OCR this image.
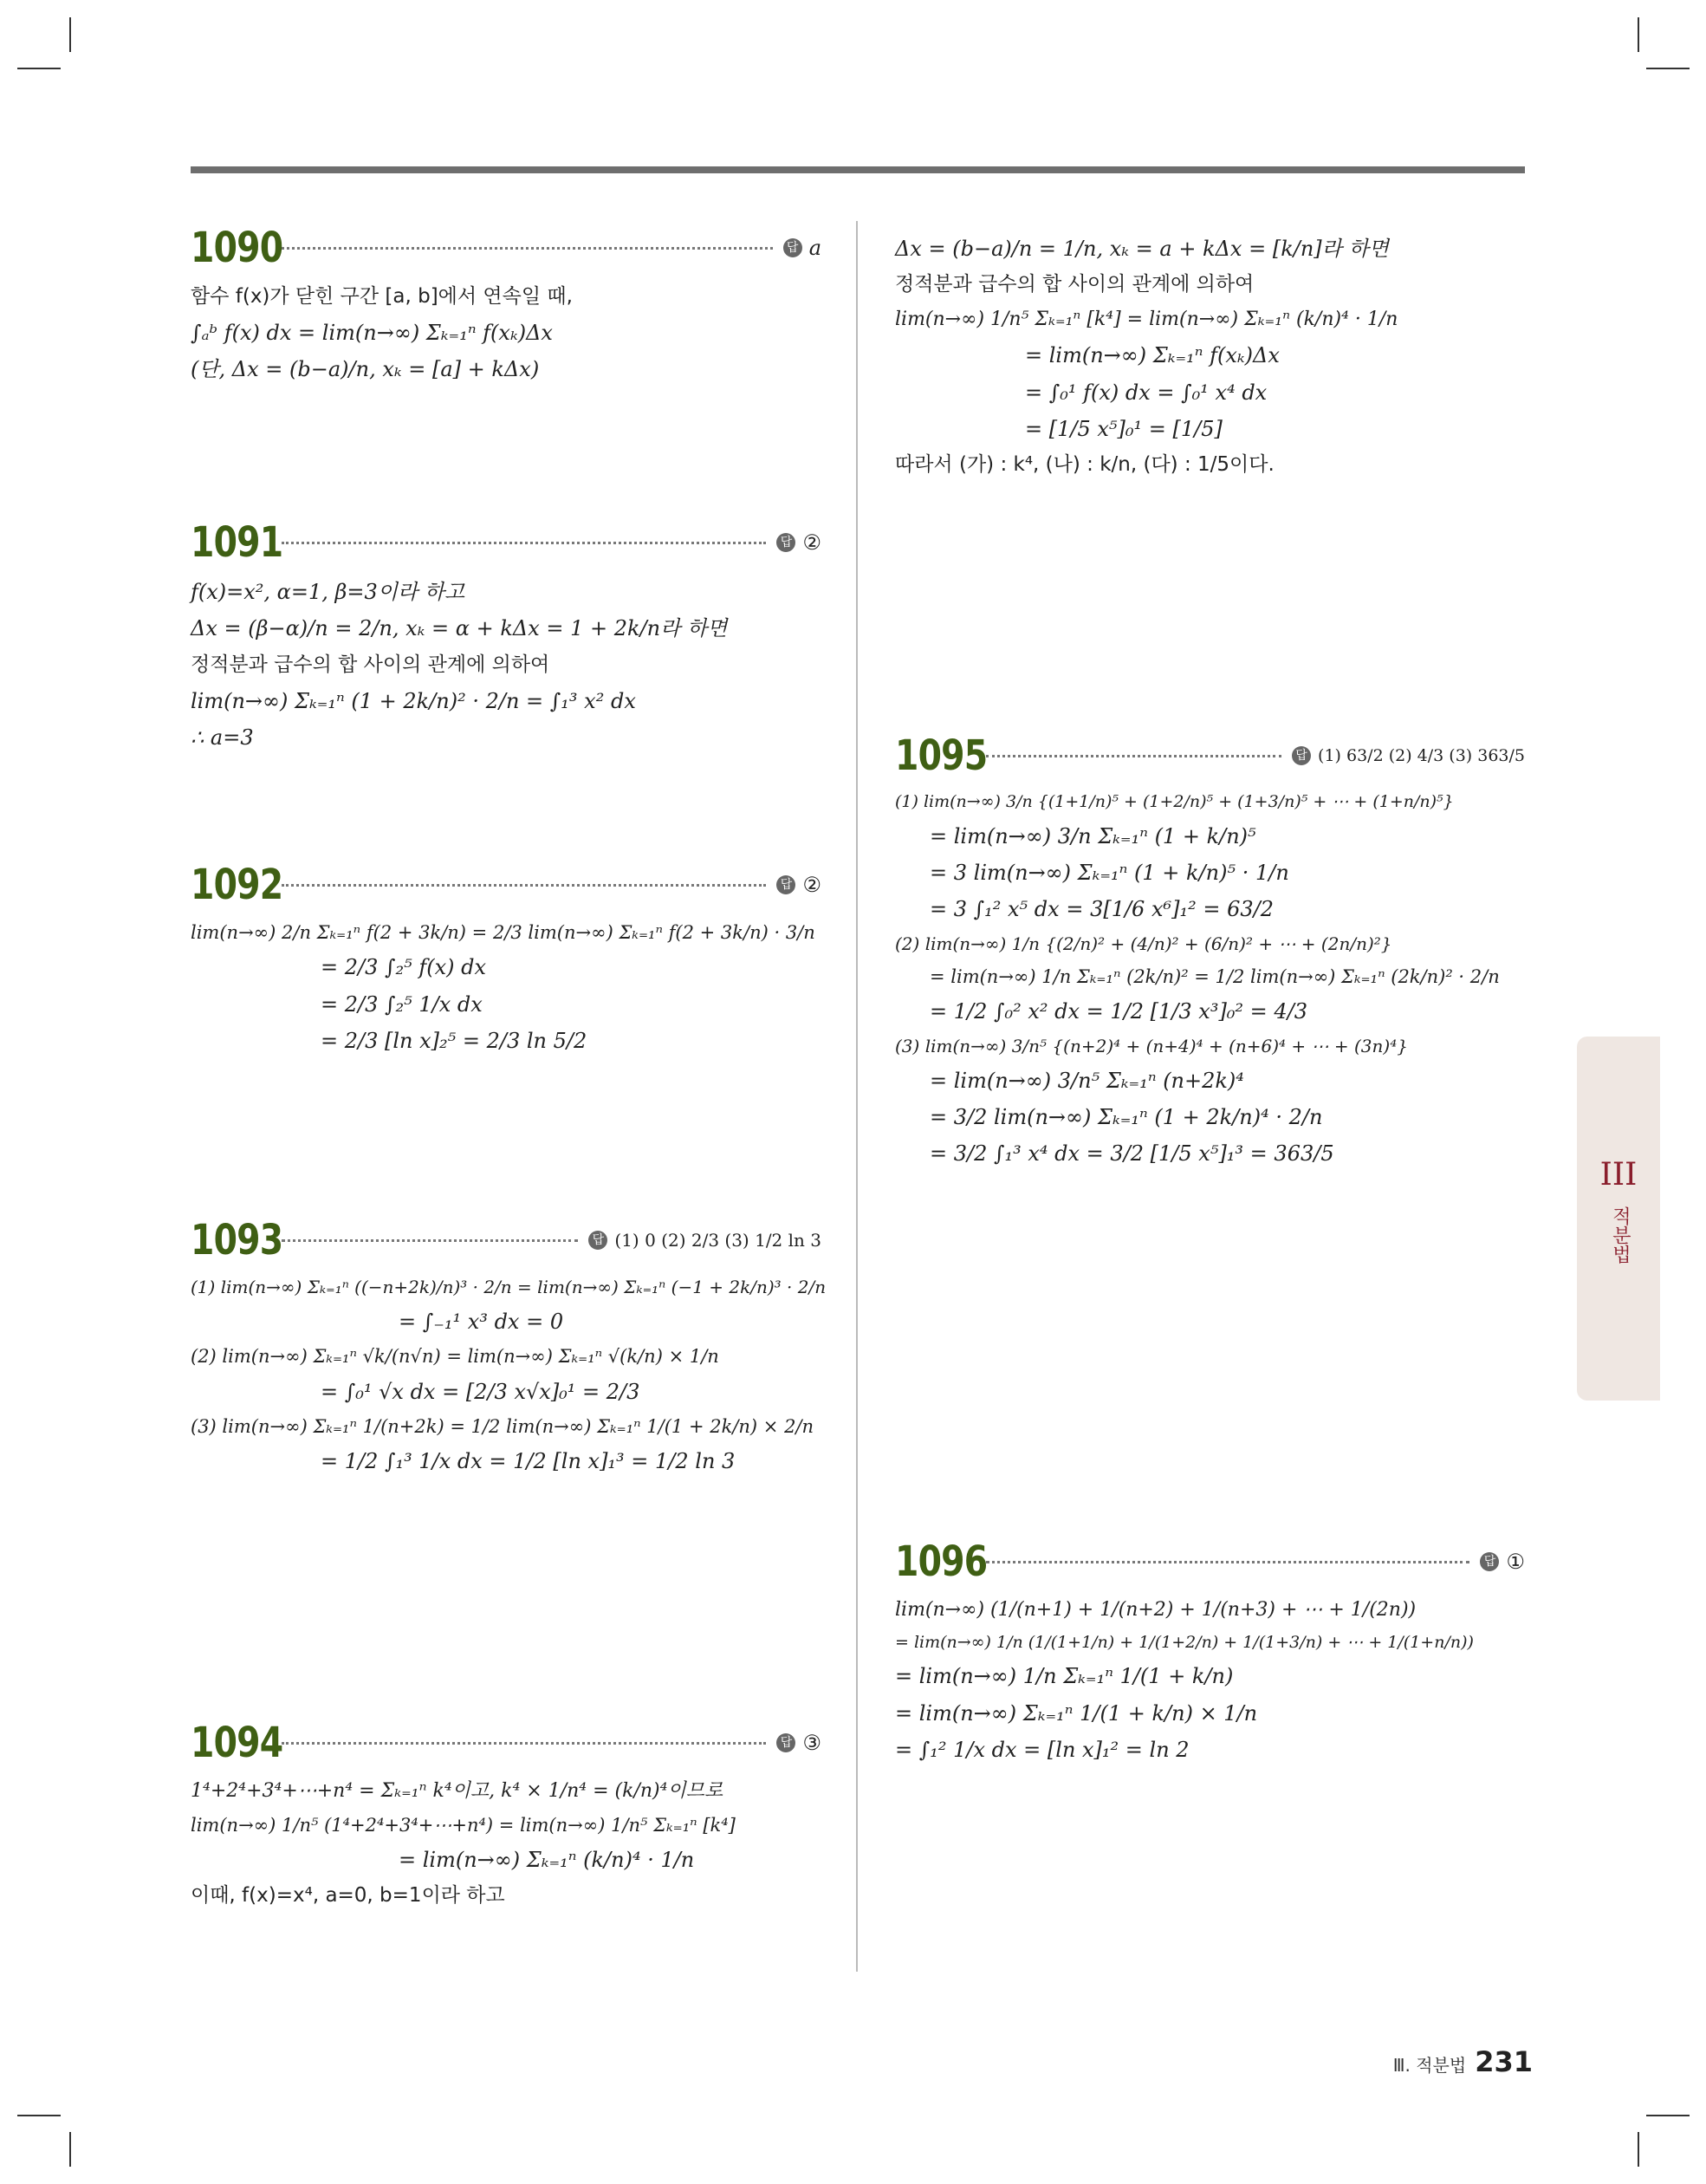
1090	답 a
함수 f(x)가 닫힌 구간 [a, b]에서 연속일 때,
∫ₐᵇ f(x) dx = lim(n→∞) Σₖ₌₁ⁿ f(xₖ)Δx
(단, Δx = (b−a)/n, xₖ = [a] + kΔx)
1091	답 ②
f(x)=x², α=1, β=3이라 하고
Δx = (β−α)/n = 2/n, xₖ = α + kΔx = 1 + 2k/n라 하면
정적분과 급수의 합 사이의 관계에 의하여
lim(n→∞) Σₖ₌₁ⁿ (1 + 2k/n)² · 2/n = ∫₁³ x² dx
∴ a=3
1092	답 ②
lim(n→∞) 2/n Σₖ₌₁ⁿ f(2 + 3k/n) = 2/3 lim(n→∞) Σₖ₌₁ⁿ f(2 + 3k/n) · 3/n
= 2/3 ∫₂⁵ f(x) dx
= 2/3 ∫₂⁵ 1/x dx
= 2/3 [ln x]₂⁵ = 2/3 ln 5/2
1093	답 (1) 0 (2) 2/3 (3) 1/2 ln 3
(1) lim(n→∞) Σₖ₌₁ⁿ ((−n+2k)/n)³ · 2/n = lim(n→∞) Σₖ₌₁ⁿ (−1 + 2k/n)³ · 2/n
= ∫₋₁¹ x³ dx = 0
(2) lim(n→∞) Σₖ₌₁ⁿ √k/(n√n) = lim(n→∞) Σₖ₌₁ⁿ √(k/n) × 1/n
= ∫₀¹ √x dx = [2/3 x√x]₀¹ = 2/3
(3) lim(n→∞) Σₖ₌₁ⁿ 1/(n+2k) = 1/2 lim(n→∞) Σₖ₌₁ⁿ 1/(1 + 2k/n) × 2/n
= 1/2 ∫₁³ 1/x dx = 1/2 [ln x]₁³ = 1/2 ln 3
1094	답 ③
1⁴+2⁴+3⁴+⋯+n⁴ = Σₖ₌₁ⁿ k⁴이고, k⁴ × 1/n⁴ = (k/n)⁴이므로
lim(n→∞) 1/n⁵ (1⁴+2⁴+3⁴+⋯+n⁴) = lim(n→∞) 1/n⁵ Σₖ₌₁ⁿ [k⁴]
= lim(n→∞) Σₖ₌₁ⁿ (k/n)⁴ · 1/n
이때, f(x)=x⁴, a=0, b=1이라 하고
Δx = (b−a)/n = 1/n, xₖ = a + kΔx = [k/n]라 하면
정적분과 급수의 합 사이의 관계에 의하여
lim(n→∞) 1/n⁵ Σₖ₌₁ⁿ [k⁴] = lim(n→∞) Σₖ₌₁ⁿ (k/n)⁴ · 1/n
= lim(n→∞) Σₖ₌₁ⁿ f(xₖ)Δx
= ∫₀¹ f(x) dx = ∫₀¹ x⁴ dx
= [1/5 x⁵]₀¹ = [1/5]
따라서 (가) : k⁴, (나) : k/n, (다) : 1/5이다.
1095	답 (1) 63/2 (2) 4/3 (3) 363/5
(1) lim(n→∞) 3/n {(1+1/n)⁵ + (1+2/n)⁵ + (1+3/n)⁵ + ⋯ + (1+n/n)⁵}
= lim(n→∞) 3/n Σₖ₌₁ⁿ (1 + k/n)⁵
= 3 lim(n→∞) Σₖ₌₁ⁿ (1 + k/n)⁵ · 1/n
= 3 ∫₁² x⁵ dx = 3[1/6 x⁶]₁² = 63/2
(2) lim(n→∞) 1/n {(2/n)² + (4/n)² + (6/n)² + ⋯ + (2n/n)²}
= lim(n→∞) 1/n Σₖ₌₁ⁿ (2k/n)² = 1/2 lim(n→∞) Σₖ₌₁ⁿ (2k/n)² · 2/n
= 1/2 ∫₀² x² dx = 1/2 [1/3 x³]₀² = 4/3
(3) lim(n→∞) 3/n⁵ {(n+2)⁴ + (n+4)⁴ + (n+6)⁴ + ⋯ + (3n)⁴}
= lim(n→∞) 3/n⁵ Σₖ₌₁ⁿ (n+2k)⁴
= 3/2 lim(n→∞) Σₖ₌₁ⁿ (1 + 2k/n)⁴ · 2/n
= 3/2 ∫₁³ x⁴ dx = 3/2 [1/5 x⁵]₁³ = 363/5
1096	답 ①
lim(n→∞) (1/(n+1) + 1/(n+2) + 1/(n+3) + ⋯ + 1/(2n))
= lim(n→∞) 1/n (1/(1+1/n) + 1/(1+2/n) + 1/(1+3/n) + ⋯ + 1/(1+n/n))
= lim(n→∞) 1/n Σₖ₌₁ⁿ 1/(1 + k/n)
= lim(n→∞) Σₖ₌₁ⁿ 1/(1 + k/n) × 1/n
= ∫₁² 1/x dx = [ln x]₁² = ln 2
III
적분법
Ⅲ. 적분법 231
